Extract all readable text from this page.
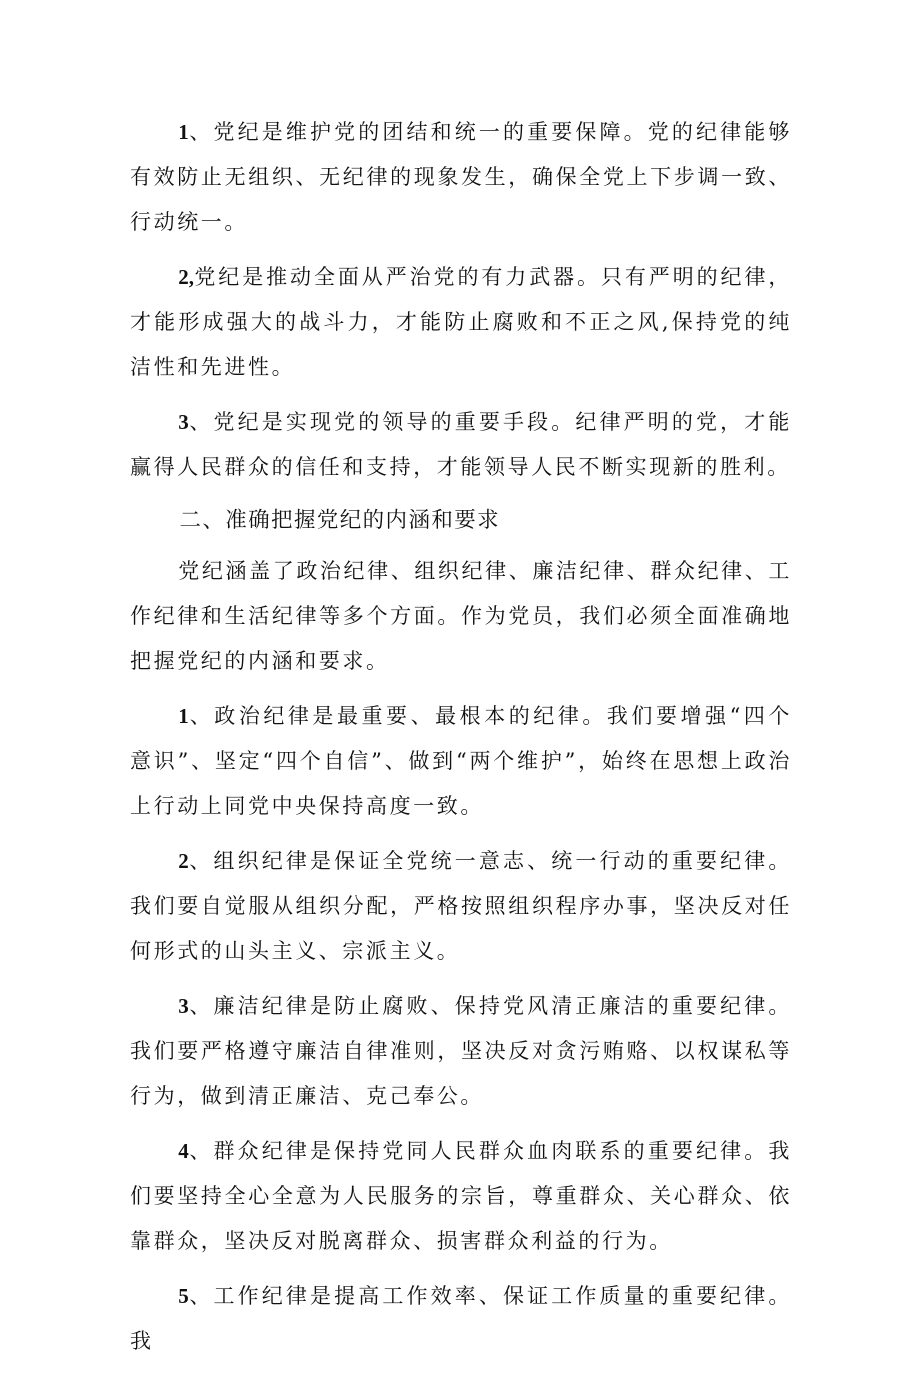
1、党纪是维护党的团结和统一的重要保障。党的纪律能够有效防止无组织、无纪律的现象发生，确保全党上下步调一致、行动统一。

2,党纪是推动全面从严治党的有力武器。只有严明的纪律，才能形成强大的战斗力，才能防止腐败和不正之风,保持党的纯洁性和先进性。

3、党纪是实现党的领导的重要手段。纪律严明的党，才能赢得人民群众的信任和支持，才能领导人民不断实现新的胜利。

二、准确把握党纪的内涵和要求

党纪涵盖了政治纪律、组织纪律、廉洁纪律、群众纪律、工作纪律和生活纪律等多个方面。作为党员，我们必须全面准确地把握党纪的内涵和要求。

1、政治纪律是最重要、最根本的纪律。我们要增强“四个意识”、坚定“四个自信”、做到“两个维护”，始终在思想上政治上行动上同党中央保持高度一致。

2、组织纪律是保证全党统一意志、统一行动的重要纪律。我们要自觉服从组织分配，严格按照组织程序办事，坚决反对任何形式的山头主义、宗派主义。

3、廉洁纪律是防止腐败、保持党风清正廉洁的重要纪律。我们要严格遵守廉洁自律准则，坚决反对贪污贿赂、以权谋私等行为，做到清正廉洁、克己奉公。

4、群众纪律是保持党同人民群众血肉联系的重要纪律。我们要坚持全心全意为人民服务的宗旨，尊重群众、关心群众、依靠群众，坚决反对脱离群众、损害群众利益的行为。

5、工作纪律是提高工作效率、保证工作质量的重要纪律。我
